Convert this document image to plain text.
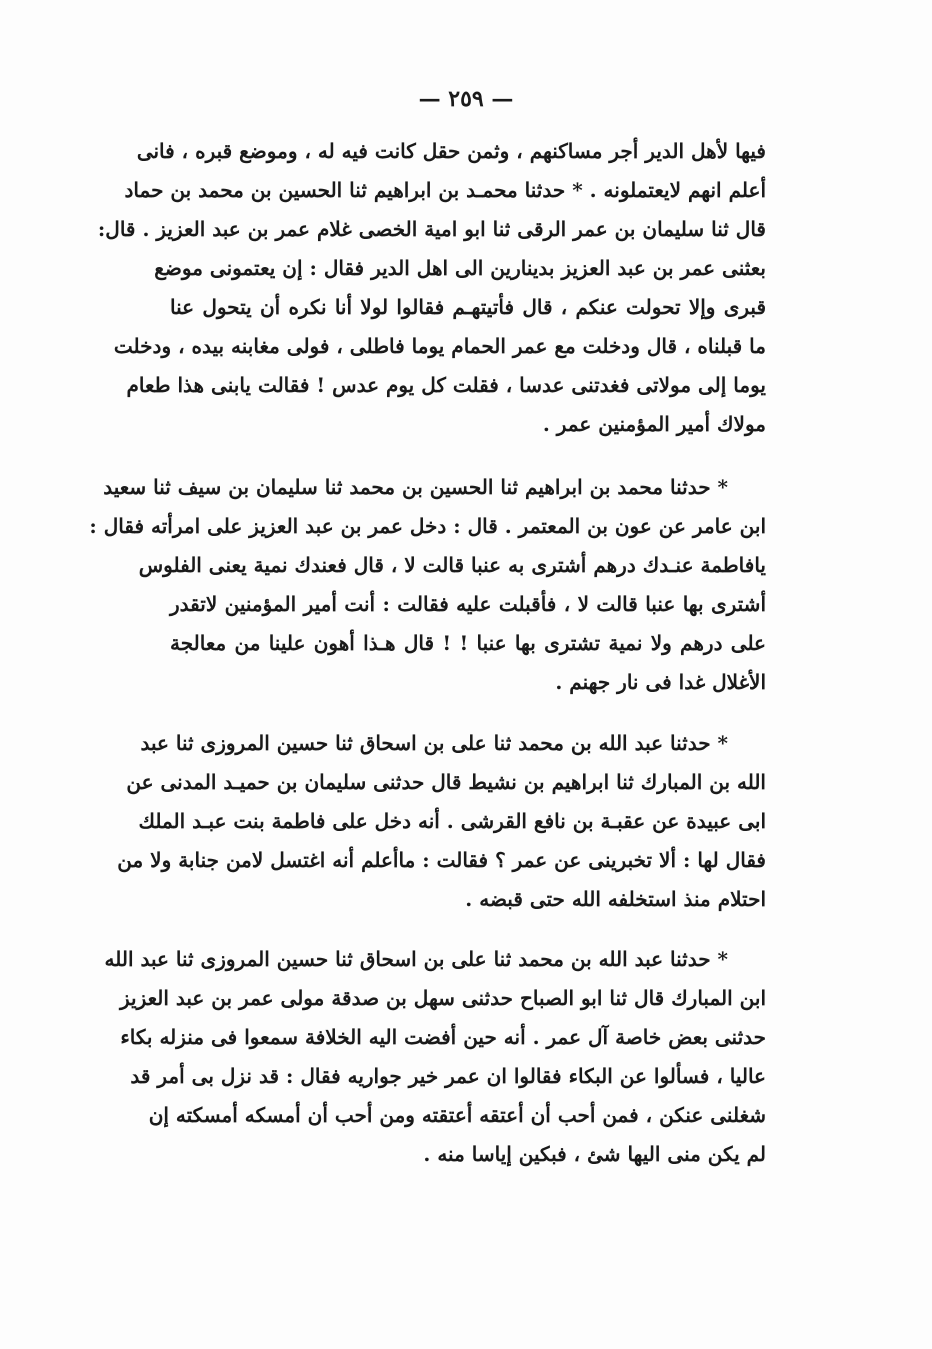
— ٢٥٩ —
فيها لأهل الدير أجر مساكنهم ، وثمن حقل كانت فيه له ، وموضع قبره ، فانى
أعلم انهم لايعتملونه . * حدثنا محمـد بن ابراهيم ثنا الحسين بن محمد بن حماد
قال ثنا سليمان بن عمر الرقى ثنا ابو امية الخصى غلام عمر بن عبد العزيز . قال:
بعثنى عمر بن عبد العزيز بدينارين الى اهل الدير فقال : إن يعتمونى موضع
قبرى وإلا تحولت عنكم ، قال فأتيتهـم فقالوا لولا أنا نكره أن يتحول عنا
ما قبلناه ، قال ودخلت مع عمر الحمام يوما فاطلى ، فولى مغابنه بيده ، ودخلت
يوما إلى مولاتى فغدتنى عدسا ، فقلت كل يوم عدس ! فقالت يابنى هذا طعام
مولاك أمير المؤمنين عمر .
* حدثنا محمد بن ابراهيم ثنا الحسين بن محمد ثنا سليمان بن سيف ثنا سعيد
ابن عامر عن عون بن المعتمر . قال : دخل عمر بن عبد العزيز على امرأته فقال :
يافاطمة عنـدك درهم أشترى به عنبا قالت لا ، قال فعندك نمية يعنى الفلوس
أشترى بها عنبا قالت لا ، فأقبلت عليه فقالت : أنت أمير المؤمنين لاتقدر
على درهم ولا نمية تشترى بها عنبا ! ! قال هـذا أهون علينا من معالجة
الأغلال غدا فى نار جهنم .
* حدثنا عبد الله بن محمد ثنا على بن اسحاق ثنا حسين المروزى ثنا عبد
الله بن المبارك ثنا ابراهيم بن نشيط قال حدثنى سليمان بن حميـد المدنى عن
ابى عبيدة عن عقبـة بن نافع القرشى . أنه دخل على فاطمة بنت عبـد الملك
فقال لها : ألا تخبرينى عن عمر ؟ فقالت : ماأعلم أنه اغتسل لامن جنابة ولا من
احتلام منذ استخلفه الله حتى قبضه .
* حدثنا عبد الله بن محمد ثنا على بن اسحاق ثنا حسين المروزى ثنا عبد الله
ابن المبارك قال ثنا ابو الصباح حدثنى سهل بن صدقة مولى عمر بن عبد العزيز
حدثنى بعض خاصة آل عمر . أنه حين أفضت اليه الخلافة سمعوا فى منزله بكاء
عاليا ، فسألوا عن البكاء فقالوا ان عمر خير جواريه فقال : قد نزل بى أمر قد
شغلنى عنكن ، فمن أحب أن أعتقه أعتقته ومن أحب أن أمسكه أمسكته إن
لم يكن منى اليها شئ ، فبكين إياسا منه .
